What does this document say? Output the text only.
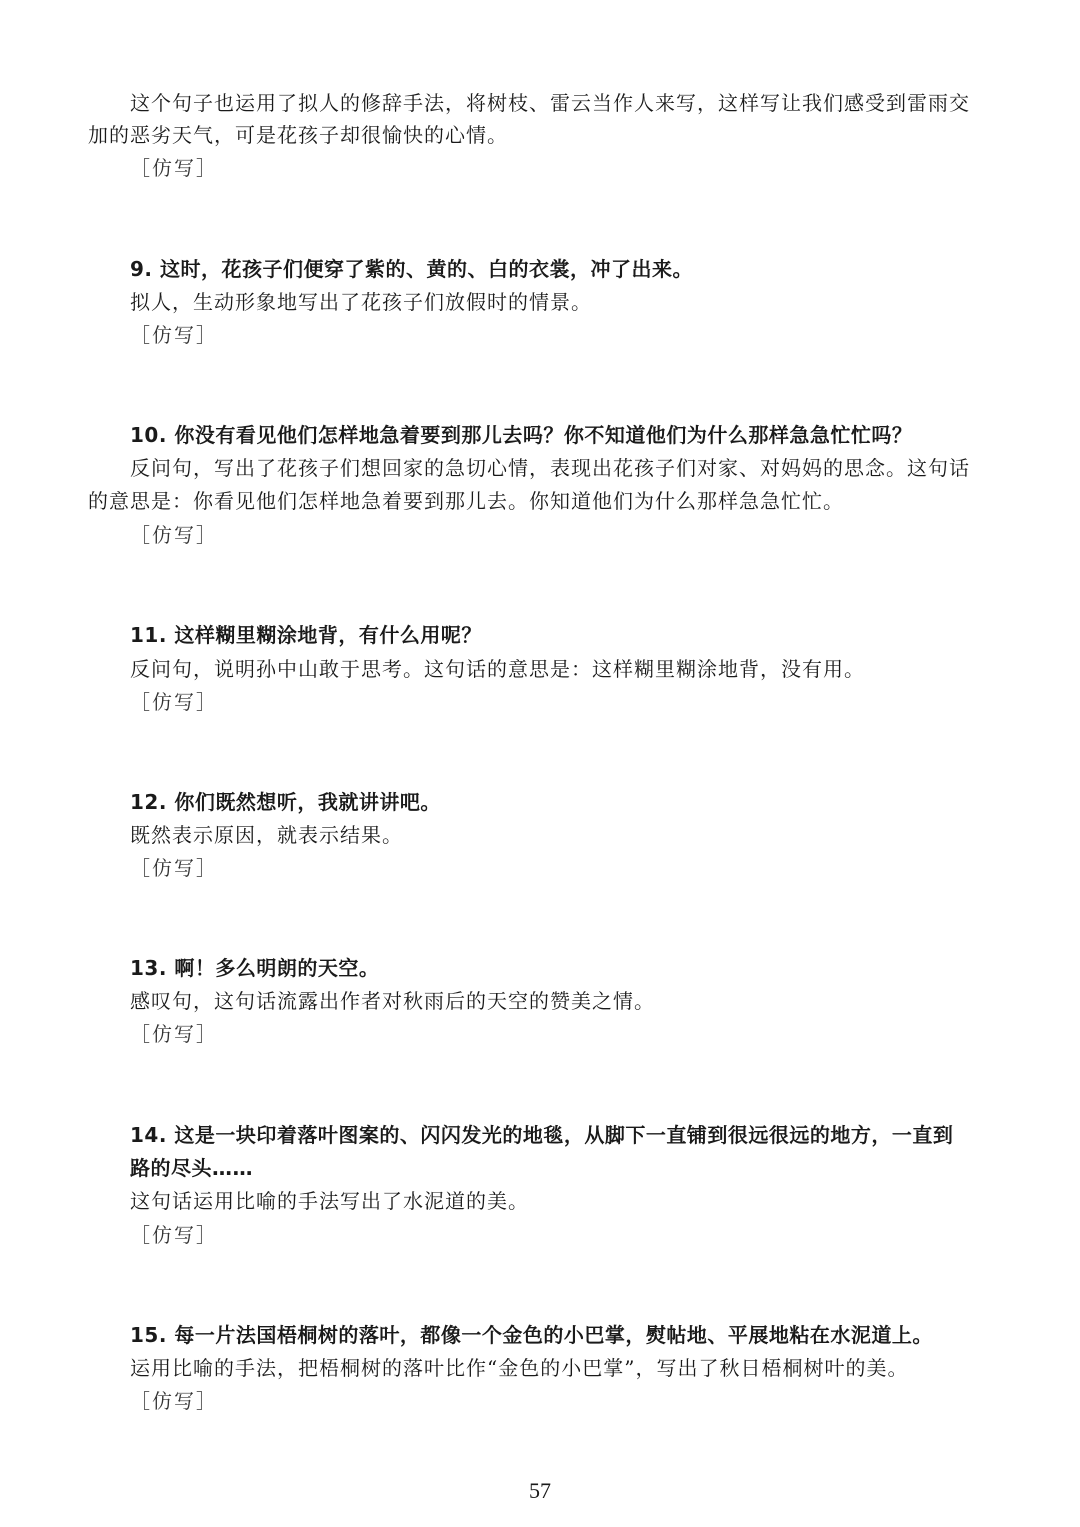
这个句子也运用了拟人的修辞手法，将树枝、雷云当作人来写，这样写让我们感受到雷雨交
加的恶劣天气，可是花孩子却很愉快的心情。
［仿写］
9. 这时，花孩子们便穿了紫的、黄的、白的衣裳，冲了出来。
拟人，生动形象地写出了花孩子们放假时的情景。
［仿写］
10. 你没有看见他们怎样地急着要到那儿去吗？你不知道他们为什么那样急急忙忙吗？
反问句，写出了花孩子们想回家的急切心情，表现出花孩子们对家、对妈妈的思念。这句话
的意思是：你看见他们怎样地急着要到那儿去。你知道他们为什么那样急急忙忙。
［仿写］
11. 这样糊里糊涂地背，有什么用呢？
反问句，说明孙中山敢于思考。这句话的意思是：这样糊里糊涂地背，没有用。
［仿写］
12. 你们既然想听，我就讲讲吧。
既然表示原因，就表示结果。
［仿写］
13. 啊！多么明朗的天空。
感叹句，这句话流露出作者对秋雨后的天空的赞美之情。
［仿写］
14. 这是一块印着落叶图案的、闪闪发光的地毯，从脚下一直铺到很远很远的地方，一直到
路的尽头……
这句话运用比喻的手法写出了水泥道的美。
［仿写］
15. 每一片法国梧桐树的落叶，都像一个金色的小巴掌，熨帖地、平展地粘在水泥道上。
运用比喻的手法，把梧桐树的落叶比作“金色的小巴掌”，写出了秋日梧桐树叶的美。
［仿写］
57
